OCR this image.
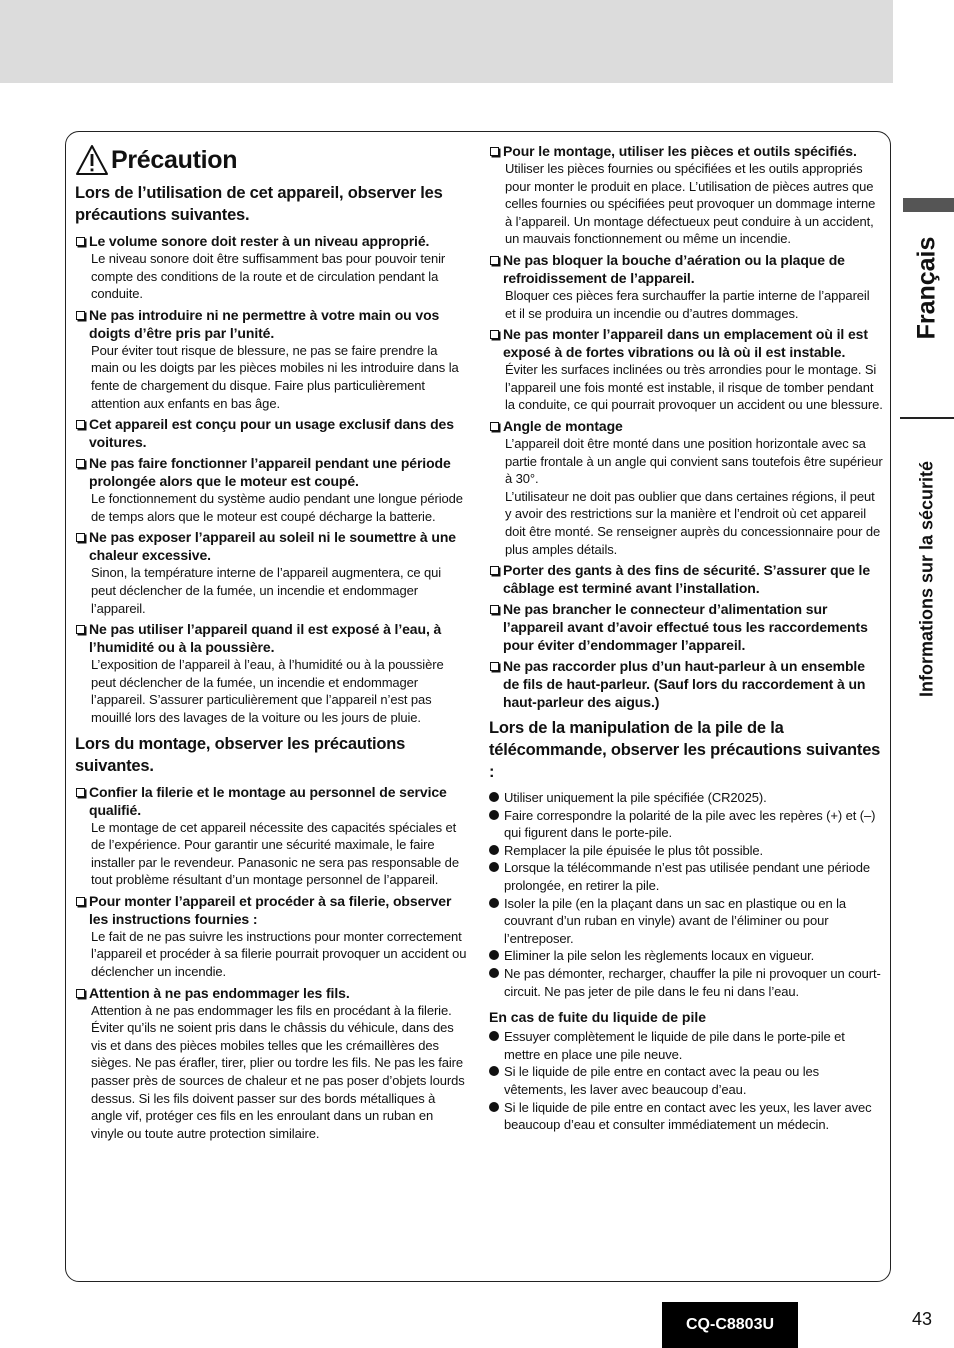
Précaution
Lors de l’utilisation de cet appareil, observer les précautions suivantes.
Le volume sonore doit rester à un niveau approprié.

Le niveau sonore doit être suffisamment bas pour pouvoir tenir compte des conditions de la route et de circulation pendant la conduite.

Ne pas introduire ni ne permettre à votre main ou vos doigts d’être pris par l’unité.

Pour éviter tout risque de blessure, ne pas se faire prendre la main ou les doigts par les pièces mobiles ni les introduire dans la fente de chargement du disque. Faire plus particulièrement attention aux enfants en bas âge.

Cet appareil est conçu pour un usage exclusif dans des voitures.
Ne pas faire fonctionner l’appareil pendant une période prolongée alors que le moteur est coupé.

Le fonctionnement du système audio pendant une longue période de temps alors que le moteur est coupé décharge la batterie.

Ne pas exposer l’appareil au soleil ni le soumettre à une chaleur excessive.

Sinon, la température interne de l’appareil augmentera, ce qui peut déclencher de la fumée, un incendie et endommager l’appareil.

Ne pas utiliser l’appareil quand il est exposé à l’eau, à l’humidité ou à la poussière.

L’exposition de l’appareil à l’eau, à l’humidité ou à la poussière peut déclencher de la fumée, un incendie et endommager l’appareil. S’assurer particulièrement que l’appareil n’est pas mouillé lors des lavages de la voiture ou les jours de pluie.

Lors du montage, observer les précautions suivantes.
Confier la filerie et le montage au personnel de service qualifié.

Le montage de cet appareil nécessite des capacités spéciales et de l’expérience. Pour garantir une sécurité maximale, le faire installer par le revendeur. Panasonic ne sera pas responsable de tout problème résultant d’un montage personnel de l’appareil.

Pour monter l’appareil et procéder à sa filerie, observer les instructions fournies :

Le fait de ne pas suivre les instructions pour monter correctement l’appareil et procéder à sa filerie pourrait provoquer un accident ou déclencher un incendie.

Attention à ne pas endommager les fils.

Attention à ne pas endommager les fils en procédant à la filerie. Éviter qu’ils ne soient pris dans le châssis du véhicule, dans des vis et dans des pièces mobiles telles que les crémaillères des sièges. Ne pas érafler, tirer, plier ou tordre les fils. Ne pas les faire passer près de sources de chaleur et ne pas poser d’objets lourds dessus. Si les fils doivent passer sur des bords métalliques à angle vif, protéger ces fils en les enroulant dans un ruban en vinyle ou toute autre protection similaire.

Pour le montage, utiliser les pièces et outils spécifiés.

Utiliser les pièces fournies ou spécifiées et les outils appropriés pour monter le produit en place. L’utilisation de pièces autres que celles fournies ou spécifiées peut provoquer un dommage interne à l’appareil. Un montage défectueux peut conduire à un accident, un mauvais fonctionnement ou même un incendie.

Ne pas bloquer la bouche d’aération ou la plaque de refroidissement de l’appareil.

Bloquer ces pièces fera surchauffer la partie interne de l’appareil et il se produira un incendie ou d’autres dommages.

Ne pas monter l’appareil dans un emplacement où il est exposé à de fortes vibrations ou là où il est instable.

Éviter les surfaces inclinées ou très arrondies pour le montage. Si l’appareil une fois monté est instable, il risque de tomber pendant la conduite, ce qui pourrait provoquer un accident ou une blessure.

Angle de montage

L’appareil doit être monté dans une position horizontale avec sa partie frontale à un angle qui convient sans toutefois être supérieur à 30°.

L’utilisateur ne doit pas oublier que dans certaines régions, il peut y avoir des restrictions sur la manière et l’endroit où cet appareil doit être monté. Se renseigner auprès du concessionnaire pour de plus amples détails.

Porter des gants à des fins de sécurité. S’assurer que le câblage est terminé avant l’installation.
Ne pas brancher le connecteur d’alimentation sur l’appareil avant d’avoir effectué tous les raccordements pour éviter d’endommager l’appareil.
Ne pas raccorder plus d’un haut-parleur à un ensemble de fils de haut-parleur. (Sauf lors du raccordement à un haut-parleur des aigus.)
Lors de la manipulation de la pile de la télécommande, observer les précautions suivantes :
Utiliser uniquement la pile spécifiée (CR2025).
Faire correspondre la polarité de la pile avec les repères (+) et (–) qui figurent dans le porte-pile.
Remplacer la pile épuisée le plus tôt possible.
Lorsque la télécommande n’est pas utilisée pendant une période prolongée, en retirer la pile.
Isoler la pile (en la plaçant dans un sac en plastique ou en la couvrant d’un ruban en vinyle) avant de l’éliminer ou pour l’entreposer.
Eliminer la pile selon les règlements locaux en vigueur.
Ne pas démonter, recharger, chauffer la pile ni provoquer un court-circuit. Ne pas jeter de pile dans le feu ni dans l’eau.
En cas de fuite du liquide de pile
Essuyer complètement le liquide de pile dans le porte-pile et mettre en place une pile neuve.
Si le liquide de pile entre en contact avec la peau ou les vêtements, les laver avec beaucoup d’eau.
Si le liquide de pile entre en contact avec les yeux, les laver avec beaucoup d’eau et consulter immédiatement un médecin.
Français
Informations sur la sécurité
CQ-C8803U	43
